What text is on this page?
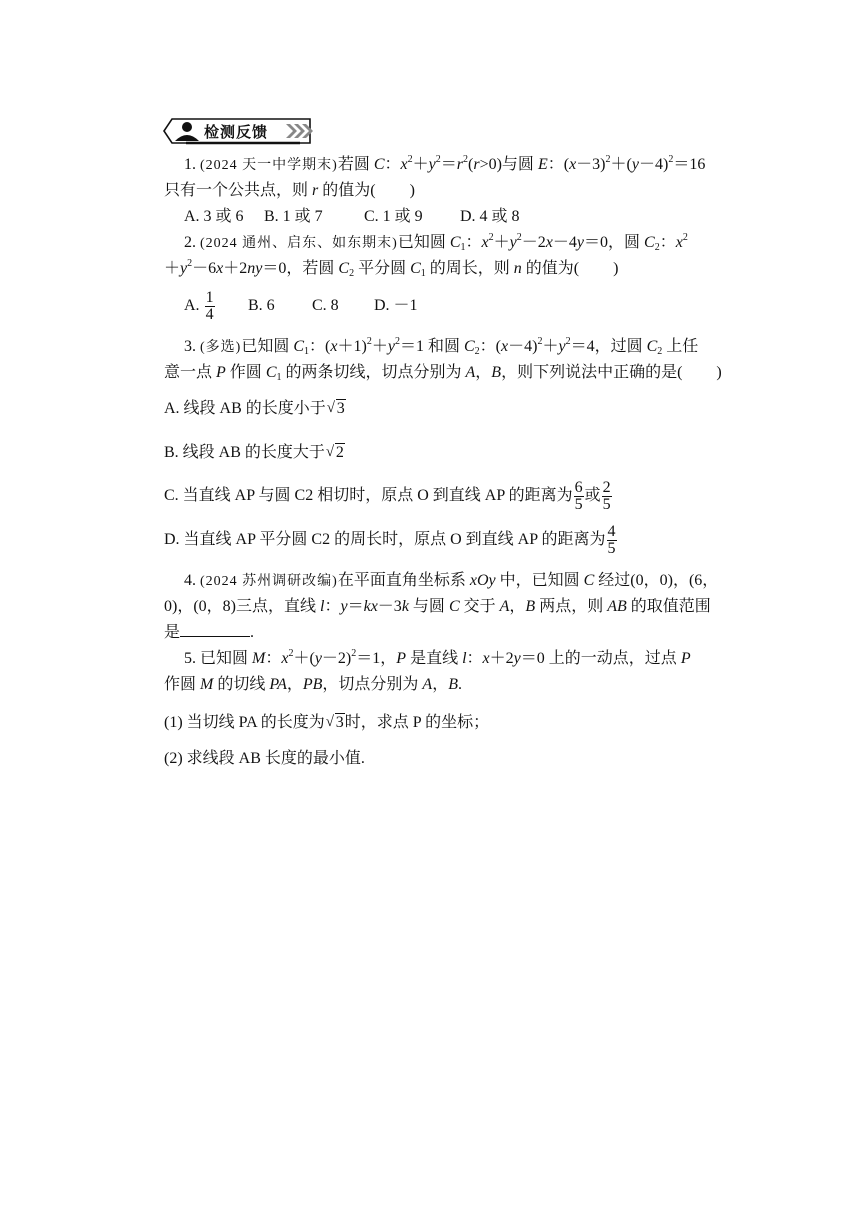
检测反馈
1. (2024 天一中学期末)若圆 C：$x^2+y^2=r^2(r>0)$与圆 E：$(x-3)^2+(y-4)^2=16$
只有一个公共点，则 r 的值为( )
A. 3 或 6 B. 1 或 7	C. 1 或 9 D. 4 或 8
2. (2024 通州、启东、如东期末)已知圆 $C_1$：$x^2+y^2-2x-4y=0$，圆 $C_2$：$x^2$
$+y^2-6x+2ny=0$，若圆 $C_2$ 平分圆 $C_1$ 的周长，则 n 的值为( )
A. $\frac{1}{4} B$. 6 C. 8 D. －1
3. (多选)已知圆 $C_1$：$(x+1)^2+y^2=1$ 和圆 $C_2$：$(x-4)^2+y^2=4$，过圆 $C_2$ 上任
意一点 P 作圆 $C_1$ 的两条切线，切点分别为 A，B，则下列说法中正确的是( )
A. 线段 AB 的长度小于 √ 3
B. 线段 AB 的长度大于 √ 2
C. 当直线 AP 与圆 C2 相切时，原点 O 到直线 AP 的距离为 $\frac{6}{5}$ 或 $\frac{2}{5}$
D. 当直线 AP 平分圆 C2 的周长时，原点 O 到直线 AP 的距离为 $\frac{4}{5}$
4. (2024 苏州调研改编)在平面直角坐标系 xOy 中，已知圆 C 经过(0，0)，(6，
0)，(0，8)三点，直线 l：y＝kx－3k 与圆 C 交于 A，B 两点，则 AB 的取值范围
是	.
5. 已知圆 M：$x^2+(y-2)^2=1$，P 是直线 l：x＋2y＝0 上的一动点，过点 P
作圆 M 的切线 PA，PB，切点分别为 A，B.
(1) 当切线 PA 的长度为 √ 3时，求点 P 的坐标；
(2) 求线段 AB 长度的最小值.
